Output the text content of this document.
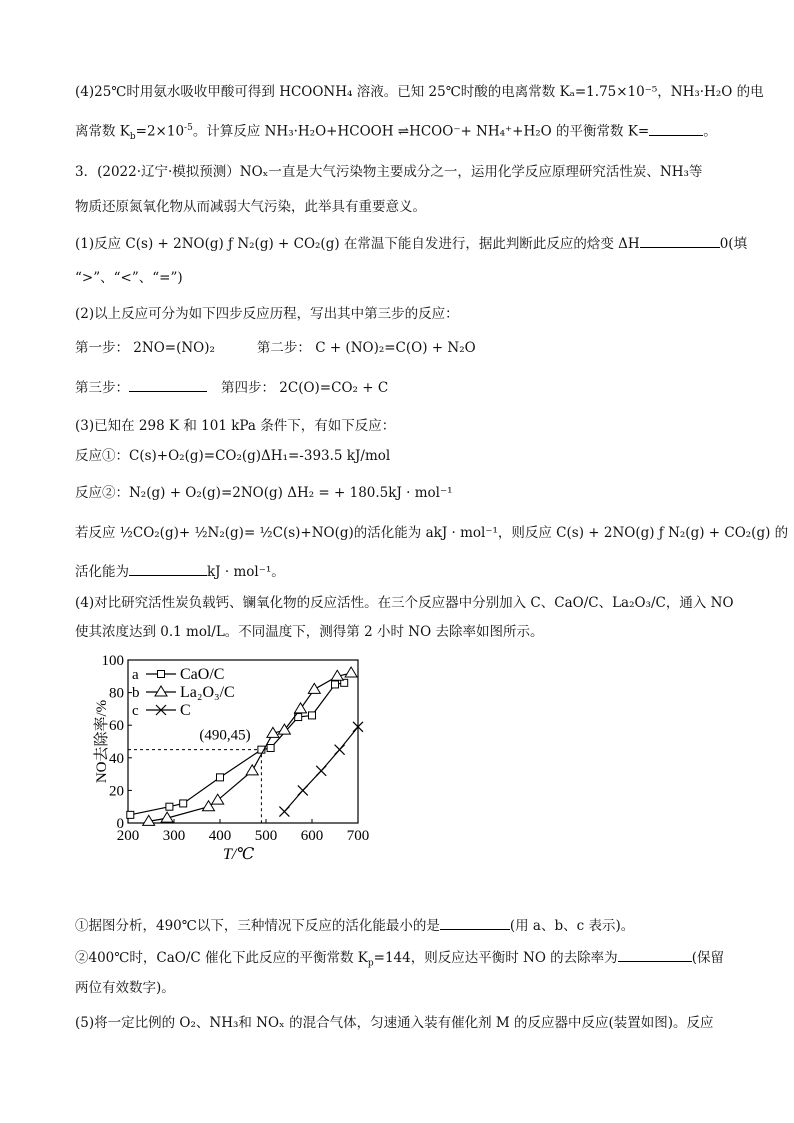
(4)25℃时用氨水吸收甲酸可得到 HCOONH₄ 溶液。已知 25℃时酸的电离常数 Kₐ=1.75×10⁻⁵，NH₃·H₂O 的电
离常数 $K_b=2\times 10^{-5}$。计算反应 NH₃·H₂O+HCOOH ⇌HCOO⁻+ NH₄⁺+H₂O 的平衡常数 K=	。
3．(2022·辽宁·模拟预测）NOₓ一直是大气污染物主要成分之一，运用化学反应原理研究活性炭、NH₃等
物质还原氮氧化物从而减弱大气污染，此举具有重要意义。
(1)反应 C(s) + 2NO(g) ƒ N₂(g) + CO₂(g) 在常温下能自发进行，据此判断此反应的焓变 ΔH	0(填
“>”、“<”、“=”)
(2)以上反应可分为如下四步反应历程，写出其中第三步的反应：
第一步： 2NO=(NO)₂	第二步： C + (NO)₂=C(O) + N₂O
第三步：	第四步： 2C(O)=CO₂ + C
(3)已知在 298 K 和 101 kPa 条件下，有如下反应：
反应①：C(s)+O₂(g)=CO₂(g)ΔH₁=-393.5 kJ/mol
反应②：N₂(g) + O₂(g)=2NO(g) ΔH₂ = + 180.5kJ · mol⁻¹
若反应 ½CO₂(g)+ ½N₂(g)= ½C(s)+NO(g)的活化能为 akJ · mol⁻¹，则反应 C(s) + 2NO(g) ƒ N₂(g) + CO₂(g) 的
活化能为	kJ · mol⁻¹。
(4)对比研究活性炭负载钙、镧氧化物的反应活性。在三个反应器中分别加入 C、CaO/C、La₂O₃/C，通入 NO
使其浓度达到 0.1 mol/L。不同温度下，测得第 2 小时 NO 去除率如图所示。
200 300 400 500 600 700
0
20
40
60
80
100
T/℃
NO去除率/%	(490,45)
a	CaO/C
b	La₂O₃/C
c	C
①据图分析，490℃以下，三种情况下反应的活化能最小的是	(用 a、b、c 表示)。
②400℃时，CaO/C 催化下此反应的平衡常数 $K_p=144$，则反应达平衡时 NO 的去除率为	(保留
两位有效数字)。
(5)将一定比例的 O₂、NH₃和 NOₓ 的混合气体，匀速通入装有催化剂 M 的反应器中反应(装置如图)。反应
